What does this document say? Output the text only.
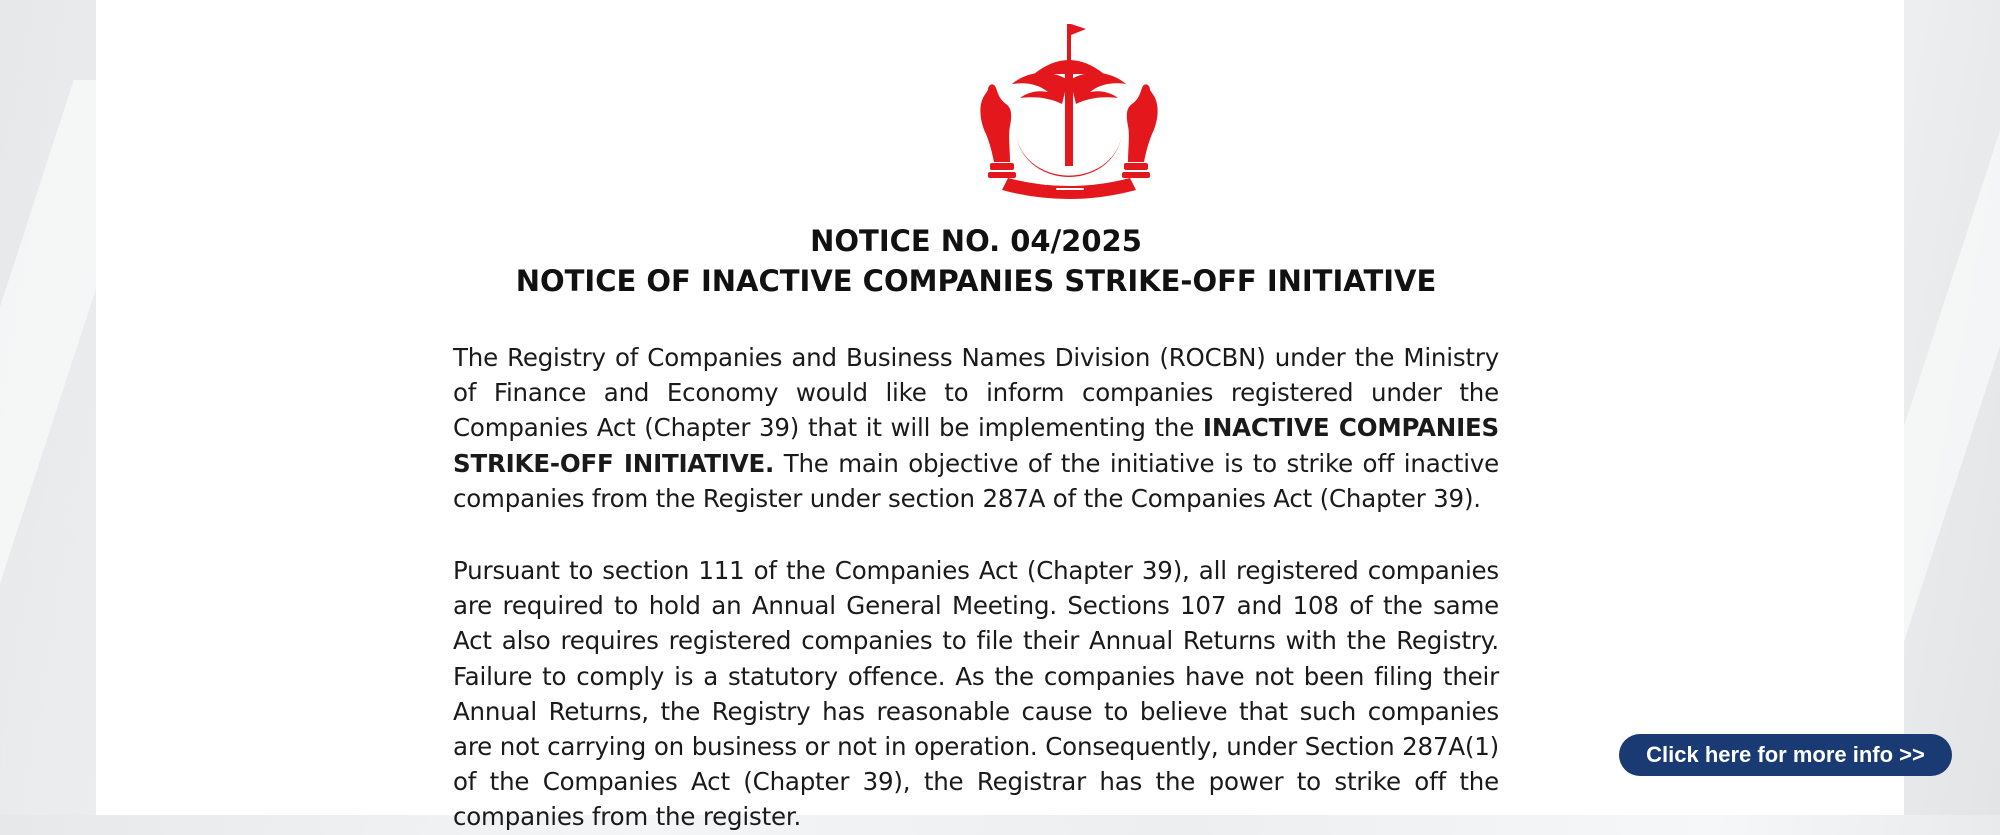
NOTICE NO. 04/2025
NOTICE OF INACTIVE COMPANIES STRIKE-OFF INITIATIVE
The Registry of Companies and Business Names Division (ROCBN) under the Ministry of Finance and Economy would like to inform companies registered under the Companies Act (Chapter 39) that it will be implementing the INACTIVE COMPANIES STRIKE-OFF INITIATIVE. The main objective of the initiative is to strike off inactive companies from the Register under section 287A of the Companies Act (Chapter 39).
Pursuant to section 111 of the Companies Act (Chapter 39), all registered companies are required to hold an Annual General Meeting. Sections 107 and 108 of the same Act also requires registered companies to file their Annual Returns with the Registry. Failure to comply is a statutory offence. As the companies have not been filing their Annual Returns, the Registry has reasonable cause to believe that such companies are not carrying on business or not in operation. Consequently, under Section 287A(1) of the Companies Act (Chapter 39), the Registrar has the power to strike off the companies from the register.
Click here for more info >>
